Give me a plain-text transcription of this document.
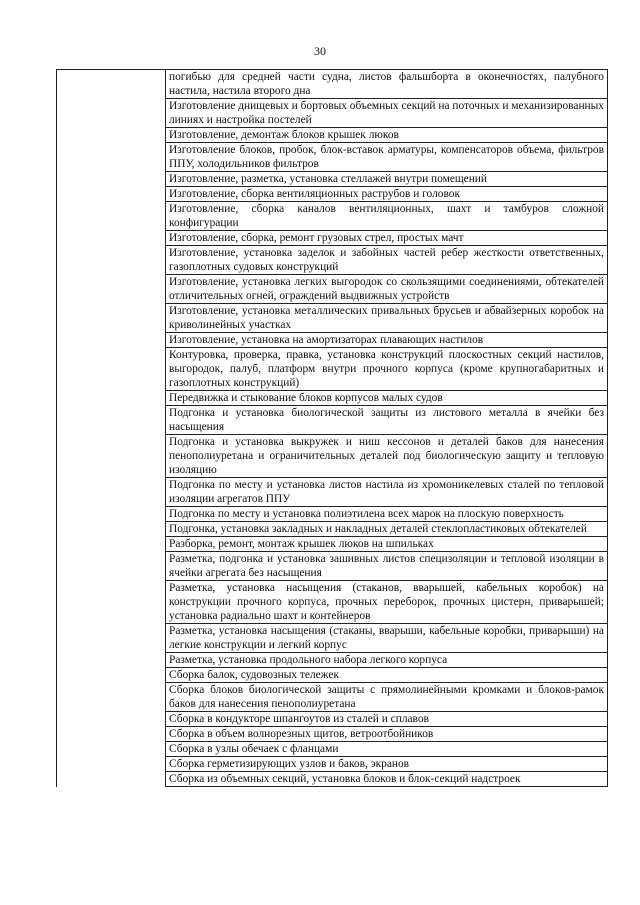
30
погибью для средней части судна, листов фальшборта в оконечностях, палубного настила, настила второго дна
Изготовление днищевых и бортовых объемных секций на поточных и механизированных линиях и настройка постелей
Изготовление, демонтаж блоков крышек люков
Изготовление блоков, пробок, блок-вставок арматуры, компенсаторов объема, фильтров ППУ, холодильников фильтров
Изготовление, разметка, установка стеллажей внутри помещений
Изготовление, сборка вентиляционных раструбов и головок
Изготовление, сборка каналов вентиляционных, шахт и тамбуров сложной конфигурации
Изготовление, сборка, ремонт грузовых стрел, простых мачт
Изготовление, установка заделок и забойных частей ребер жесткости ответственных, газоплотных судовых конструкций
Изготовление, установка легких выгородок со скользящими соединениями, обтекателей отличительных огней, ограждений выдвижных устройств
Изготовление, установка металлических привальных брусьев и абвайзерных коробок на криволинейных участках
Изготовление, установка на амортизаторах плавающих настилов
Контуровка, проверка, правка, установка конструкций плоскостных секций настилов, выгородок, палуб, платформ внутри прочного корпуса (кроме крупногабаритных и газоплотных конструкций)
Передвижка и стыкование блоков корпусов малых судов
Подгонка и установка биологической защиты из листового металла в ячейки без насыщения
Подгонка и установка выкружек и ниш кессонов и деталей баков для нанесения пенополиуретана и ограничительных деталей под биологическую защиту и тепловую изоляцию
Подгонка по месту и установка листов настила из хромоникелевых сталей по тепловой изоляции агрегатов ППУ
Подгонка по месту и установка полиэтилена всех марок на плоскую поверхность
Подгонка, установка закладных и накладных деталей стеклопластиковых обтекателей
Разборка, ремонт, монтаж крышек люков на шпильках
Разметка, подгонка и установка зашивных листов специзоляции и тепловой изоляции в ячейки агрегата без насыщения
Разметка, установка насыщения (стаканов, вварышей, кабельных коробок) на конструкции прочного корпуса, прочных переборок, прочных цистерн, приварышей; установка радиально шахт и контейнеров
Разметка, установка насыщения (стаканы, вварыши, кабельные коробки, приварыши) на легкие конструкции и легкий корпус
Разметка, установка продольного набора легкого корпуса
Сборка балок, судовозных тележек
Сборка блоков биологической защиты с прямолинейными кромками и блоков-рамок баков для нанесения пенополиуретана
Сборка в кондукторе шпангоутов из сталей и сплавов
Сборка в объем волнорезных щитов, ветроотбойников
Сборка в узлы обечаек с фланцами
Сборка герметизирующих узлов и баков, экранов
Сборка из объемных секций, установка блоков и блок-секций надстроек
